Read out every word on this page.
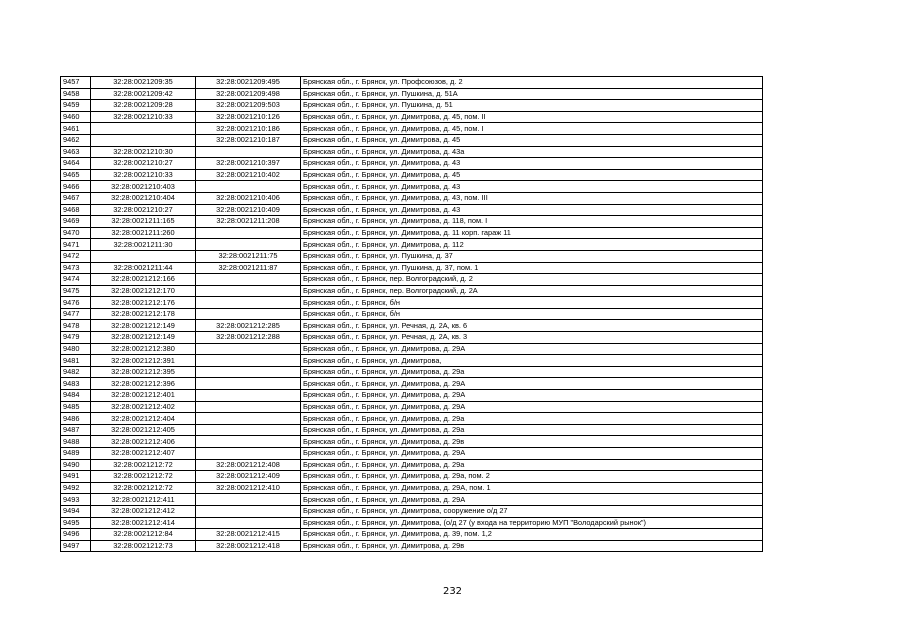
9457	32:28:0021209:35	32:28:0021209:495	Брянская обл., г. Брянск, ул. Профсоюзов, д. 2
9458	32:28:0021209:42	32:28:0021209:498	Брянская обл., г. Брянск, ул. Пушкина, д. 51А
9459	32:28:0021209:28	32:28:0021209:503	Брянская обл., г. Брянск, ул. Пушкина, д. 51
9460	32:28:0021210:33	32:28:0021210:126	Брянская обл., г. Брянск, ул. Димитрова, д. 45, пом. II
9461		32:28:0021210:186	Брянская обл., г. Брянск, ул. Димитрова, д. 45, пом. I
9462		32:28:0021210:187	Брянская обл., г. Брянск, ул. Димитрова, д. 45
9463	32:28:0021210:30		Брянская обл., г. Брянск, ул. Димитрова, д. 43а
9464	32:28:0021210:27	32:28:0021210:397	Брянская обл., г. Брянск, ул. Димитрова, д. 43
9465	32:28:0021210:33	32:28:0021210:402	Брянская обл., г. Брянск, ул. Димитрова, д. 45
9466	32:28:0021210:403		Брянская обл., г. Брянск, ул. Димитрова, д. 43
9467	32:28:0021210:404	32:28:0021210:406	Брянская обл., г. Брянск, ул. Димитрова, д. 43, пом. III
9468	32:28:0021210:27	32:28:0021210:409	Брянская обл., г. Брянск, ул. Димитрова, д. 43
9469	32:28:0021211:165	32:28:0021211:208	Брянская обл., г. Брянск, ул. Димитрова, д. 118, пом. I
9470	32:28:0021211:260		Брянская обл., г. Брянск, ул. Димитрова, д. 11 корп. гараж 11
9471	32:28:0021211:30		Брянская обл., г. Брянск, ул. Димитрова, д. 112
9472		32:28:0021211:75	Брянская обл., г. Брянск, ул. Пушкина, д. 37
9473	32:28:0021211:44	32:28:0021211:87	Брянская обл., г. Брянск, ул. Пушкина, д. 37, пом. 1
9474	32:28:0021212:166		Брянская обл., г. Брянск, пер. Волгоградский, д. 2
9475	32:28:0021212:170		Брянская обл., г. Брянск, пер. Волгоградский, д. 2А
9476	32:28:0021212:176		Брянская обл., г. Брянск, б/н
9477	32:28:0021212:178		Брянская обл., г. Брянск, б/н
9478	32:28:0021212:149	32:28:0021212:285	Брянская обл., г. Брянск, ул. Речная, д. 2А, кв. 6
9479	32:28:0021212:149	32:28:0021212:288	Брянская обл., г. Брянск, ул. Речная, д. 2А, кв. 3
9480	32:28:0021212:380		Брянская обл., г. Брянск, ул. Димитрова, д. 29А
9481	32:28:0021212:391		Брянская обл., г. Брянск, ул. Димитрова,
9482	32:28:0021212:395		Брянская обл., г. Брянск, ул. Димитрова, д. 29а
9483	32:28:0021212:396		Брянская обл., г. Брянск, ул. Димитрова, д. 29А
9484	32:28:0021212:401		Брянская обл., г. Брянск, ул. Димитрова, д. 29А
9485	32:28:0021212:402		Брянская обл., г. Брянск, ул. Димитрова, д. 29А
9486	32:28:0021212:404		Брянская обл., г. Брянск, ул. Димитрова, д. 29а
9487	32:28:0021212:405		Брянская обл., г. Брянск, ул. Димитрова, д. 29а
9488	32:28:0021212:406		Брянская обл., г. Брянск, ул. Димитрова, д. 29в
9489	32:28:0021212:407		Брянская обл., г. Брянск, ул. Димитрова, д. 29А
9490	32:28:0021212:72	32:28:0021212:408	Брянская обл., г. Брянск, ул. Димитрова, д. 29а
9491	32:28:0021212:72	32:28:0021212:409	Брянская обл., г. Брянск, ул. Димитрова, д. 29а, пом. 2
9492	32:28:0021212:72	32:28:0021212:410	Брянская обл., г. Брянск, ул. Димитрова, д. 29А, пом. 1
9493	32:28:0021212:411		Брянская обл., г. Брянск, ул. Димитрова, д. 29А
9494	32:28:0021212:412		Брянская обл., г. Брянск, ул. Димитрова, сооружение о/д 27
9495	32:28:0021212:414		Брянская обл., г. Брянск, ул. Димитрова, (о/д 27 (у входа на территорию МУП "Володарский рынок")
9496	32:28:0021212:84	32:28:0021212:415	Брянская обл., г. Брянск, ул. Димитрова, д. 39, пом. 1,2
9497	32:28:0021212:73	32:28:0021212:418	Брянская обл., г. Брянск, ул. Димитрова, д. 29в
232
